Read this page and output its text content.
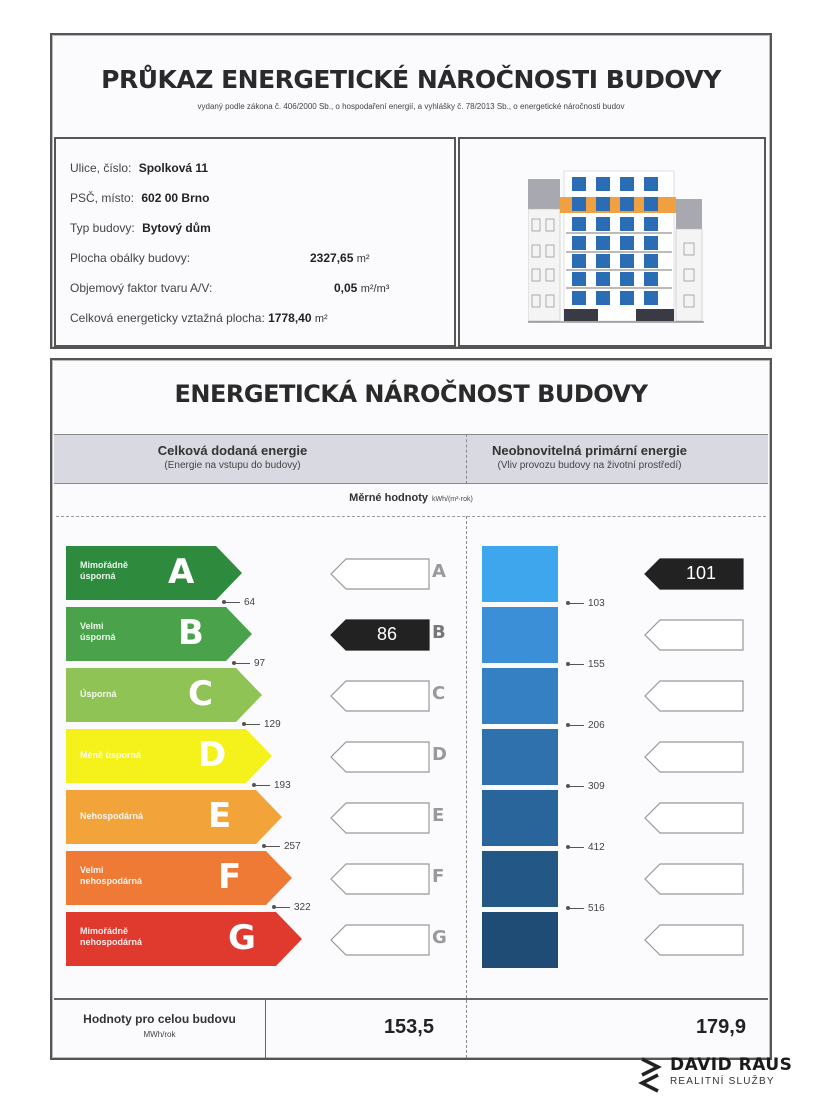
PRŮKAZ ENERGETICKÉ NÁROČNOSTI BUDOVY
vydaný podle zákona č. 406/2000 Sb., o hospodaření energií, a vyhlášky č. 78/2013 Sb., o energetické náročnosti budov
Ulice, číslo: Spolková 11
PSČ, místo: 602 00 Brno
Typ budovy: Bytový dům
Plocha obálky budovy:	2327,65 m²
Objemový faktor tvaru A/V:	0,05 m²/m³
Celková energeticky vztažná plocha: 1778,40 m²
ENERGETICKÁ NÁROČNOST BUDOVY
Celková dodaná energie
(Energie na vstupu do budovy)
Neobnovitelná primární energie
(Vliv provozu budovy na životní prostředí)
Měrné hodnoty kWh/(m²·rok)
Mimořádně
úsporná	A	A	101
64	103
Velmi
úsporná B	86	B
97	155
Úsporná C	C
129	206
Méně úsporná D	D
193	309
Nehospodárná E	E
257	412
Velmi
nehospodárná F	F
322	516
Mimořádně
nehospodárná	G	G
Hodnoty pro celou budovu
MWh/rok	153,5	179,9
DAVID RAUS
REALITNÍ SLUŽBY
